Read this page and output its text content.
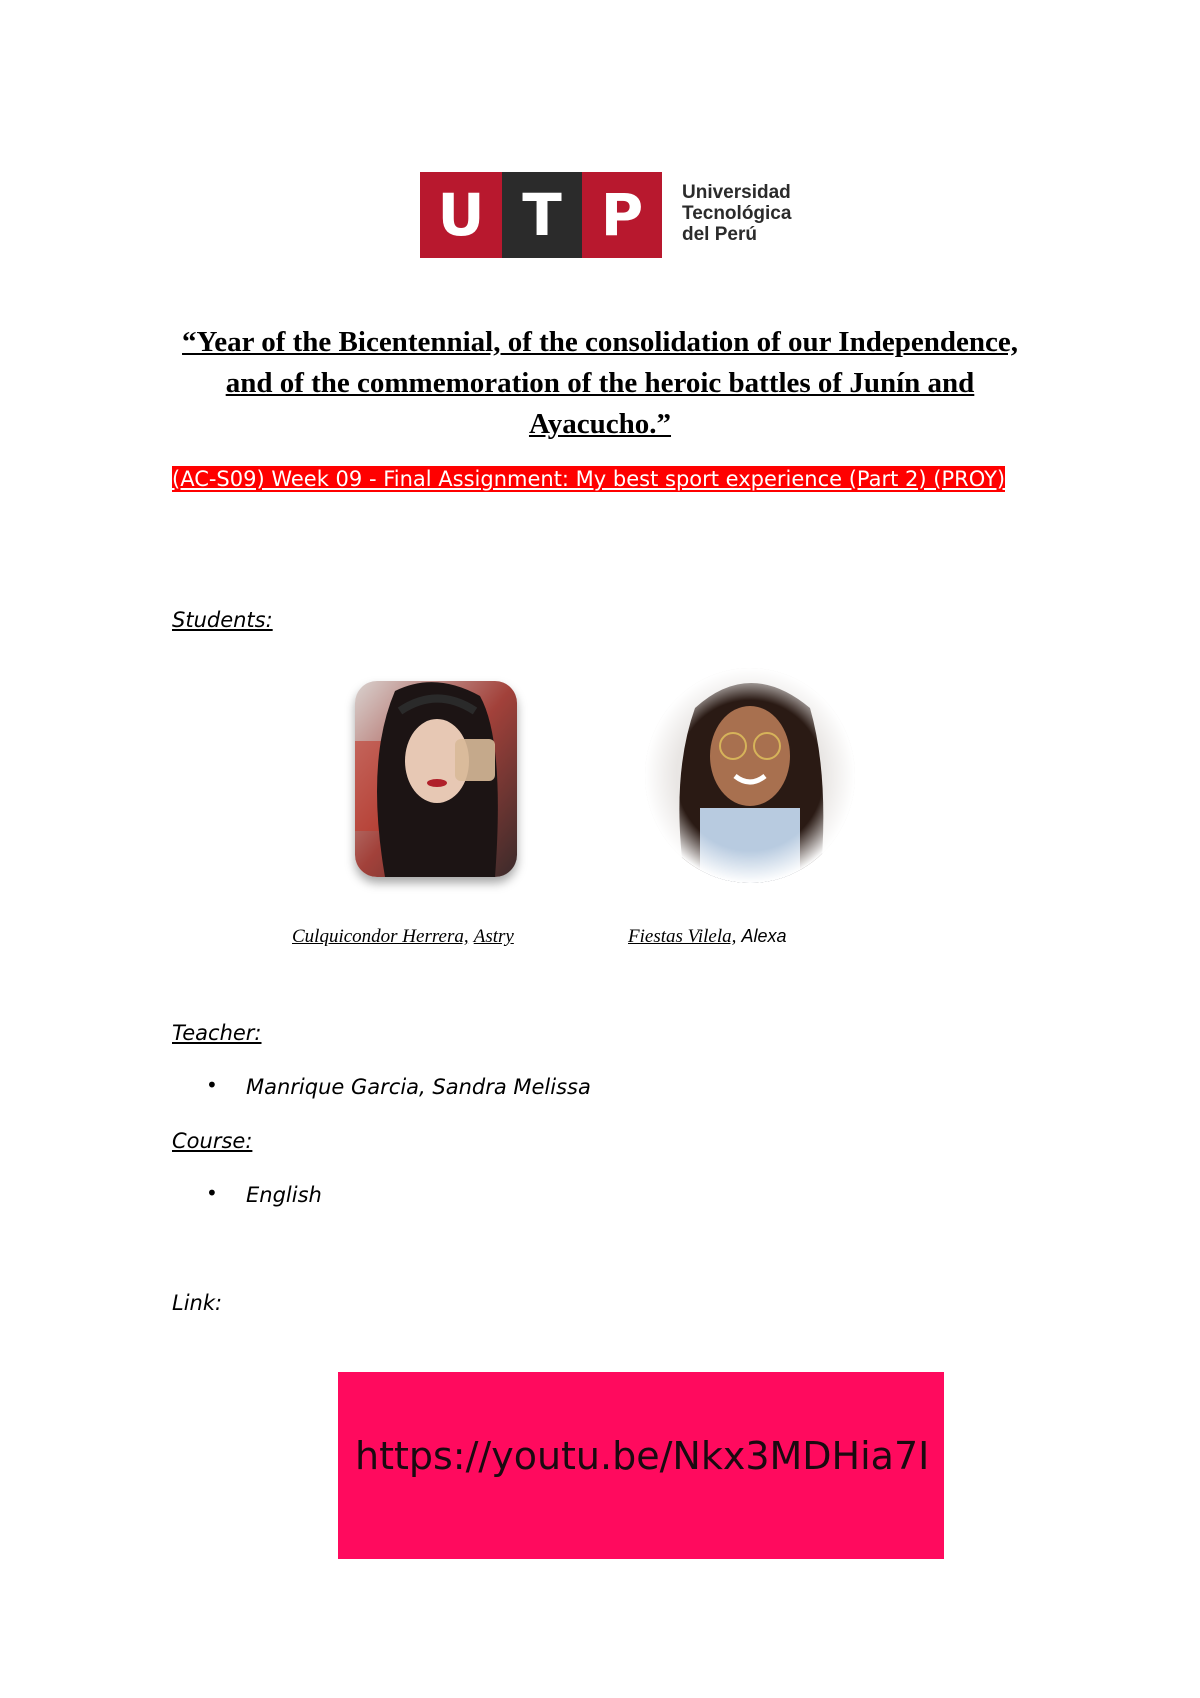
U T P	Universidad
Tecnológica
del Perú
“Year of the Bicentennial, of the consolidation of our Independence, and of the commemoration of the heroic battles of Junín and Ayacucho.”
(AC-S09) Week 09 - Final Assignment: My best sport experience (Part 2) (PROY)
Students:
Culquicondor Herrera, Astry	Fiestas Vilela, Alexa
Teacher:
• Manrique Garcia, Sandra Melissa
Course:
• English
Link:
https://youtu.be/Nkx3MDHia7I
